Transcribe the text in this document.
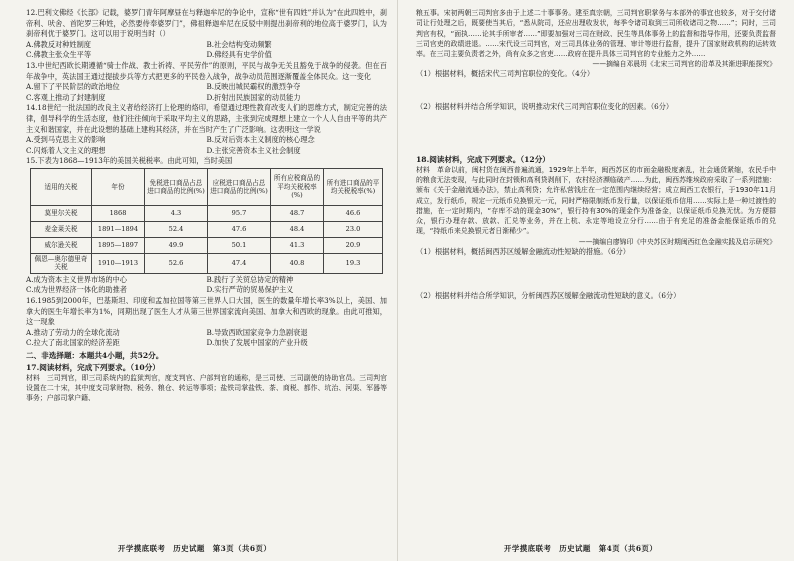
12.巴利文佛经《长部》记载，婆罗门青年阿摩昼在与释迦牟尼的争论中，宣称“世有四姓”并认为“在此四姓中，刹帝利、吠舍、首陀罗三种姓，必然要侍奉婆罗门”，佛祖释迦牟尼在反驳中则提出刹帝利的地位高于婆罗门，认为刹帝利优于婆罗门。这可以用于说明当时（）

A.佛教反对种姓制度	B.社会结构变动频繁
C.佛教主张众生平等	D.佛经具有史学价值

13.中世纪西欧长期遵循“骑士作战、教士祈祷、平民劳作”的原则，平民与战争无关且豁免于战争的侵袭。但在百年战争中，英法国王通过提拔步兵等方式把更多的平民卷入战争，战争动员范围逐渐覆盖全体民众。这一变化

A.留下了平民阶层的政治地位	B.反映出城民霸权的激烈争夺
C.客观上推动了封建制度	D.折射出民族国家的动员能力

14.18世纪一批法国的改良主义者给经济打上伦理的烙印，希望通过理性教育改变人们的思维方式，制定完善的法律，倡导科学的生活态度，他们往往倾向于采取平均主义的思路，主张到完成理想上建立一个人人自由平等的共产主义和谐国家，并在此设想的基础上建构其经济，并在当时产生了广泛影响。这表明这一学说

A.受到马克思主义的影响	B.反对后资本主义制度的核心理念
C.闪烁着人文主义的理想	D.主张完善资本主义社会制度

15.下表为1868—1913年的美国关税税率。由此可知，当时美国

适用的关税	年份	免税进口商品占总进口商品的比例(%)	应税进口商品占总进口商品的比例(%)	所有应税商品的平均关税税率(%)	所有进口商品的平均关税税率(%)
莫里尔关税	1868	4.3	95.7	48.7	46.6
麦金莱关税	1891—1894	52.4	47.6	48.4	23.0
威尔逊关税	1895—1897	49.9	50.1	41.3	20.9
佩恩—奥尔德里奇关税	1910—1913	52.6	47.4	40.8	19.3
A.成为资本主义世界市场的中心	B.践行了关贸总协定的精神
C.成为世界经济一体化的助推者	D.实行严苛的贸易保护主义

16.1985到2000年，巴基斯坦、印度和孟加拉国等第三世界人口大国，医生的数量年增长率3%以上，美国、加拿大的医生年增长率为1%，同期出现了医生人才从第三世界国家流向美国、加拿大和西欧的现象。由此可推知，这一现象

A.推动了劳动力的全球化流动	B.导致西欧国家竞争力急剧衰退
C.拉大了南北国家的经济差距	D.加快了发展中国家的产业升级
二、非选择题：本题共4小题，共52分。
17.阅读材料，完成下列要求。（10分）

材料　三司判官，即三司系统内的监狱判官，度支判官、户部判官的通称，是三司使、三司副使的协助官员。三司判官设置在二十宋，其中度支司掌财物、税务、粮仓、转运等事项；盐铁司掌盐铁、茶、商税、都作、坑治、河渠、军器等事务；户部司掌户籍、

开学摸底联考　历史试题　第3页（共6页）

粮五事。宋初两朝三司判官多由于上述二十事事务。建至真宗朝，三司判官职掌务与本部外的事宜也较多，对于交付诸司让行处理之后，既要使当其后，“悉从院司，还应出理收发状，每季令诸司取到三司所收诸司之物……”；同时，三司判官有权，“面执……论其手所审者……”即要加强对三司在财政、民生等具体事务上的监督和指导作用，还要负责监督三司官吏的政绩进退。……宋代设三司判官，对三司具体业务的管理、审计等进行监督，提升了国家财政机构的运转效率。在三司主要负责者之外，尚有众多之官吏……政府在提升具体三司判官的专业能力之外……

——摘编自邓晨玥《北宋三司判官的沿革及其渐进职能探究》

（1）根据材料，概括宋代三司判官职位的变化。（4分）

（2）根据材料并结合所学知识，说明推动宋代三司判官职位变化的因素。（6分）

18.阅读材料，完成下列要求。（12分）

材料　革命以前，闽村货在闽西普遍流通，1929年上半年，闽西苏区的市面金融极度紊乱，社会通货紧缩，农民手中的粮食无法变现，与此同时在封锁和高利贷剥削下，农村经济濒临破产……为此，闽西苏维埃政府采取了一系列措施：颁布《关于金融流通办法》，禁止高利贷；允许私营钱庄在一定范围内继续经营；成立闽西工农银行，于1930年11月成立，发行纸币，规定一元纸币兑换银元一元，同时严格限制纸币发行量，以保证纸币信用……实际上是一种过渡性的措施，在一定时期内，“存库不动的现金30%”，银行持有30%的现金作为准备金，以保证纸币兑换无忧。为方便群众，银行办理存款、放款、汇兑等业务，并在上杭、永定等地设立分行……由于有充足的准备金能保证纸币的兑现，“持纸币来兑换银元者日渐稀少”。

——摘编自廖锦印《中央苏区时期闽西红色金融实践及启示研究》

（1）根据材料，概括闽西苏区缓解金融流动性短缺的措施。（6分）

（2）根据材料并结合所学知识，分析闽西苏区缓解金融流动性短缺的意义。（6分）

开学摸底联考　历史试题　第4页（共6页）
